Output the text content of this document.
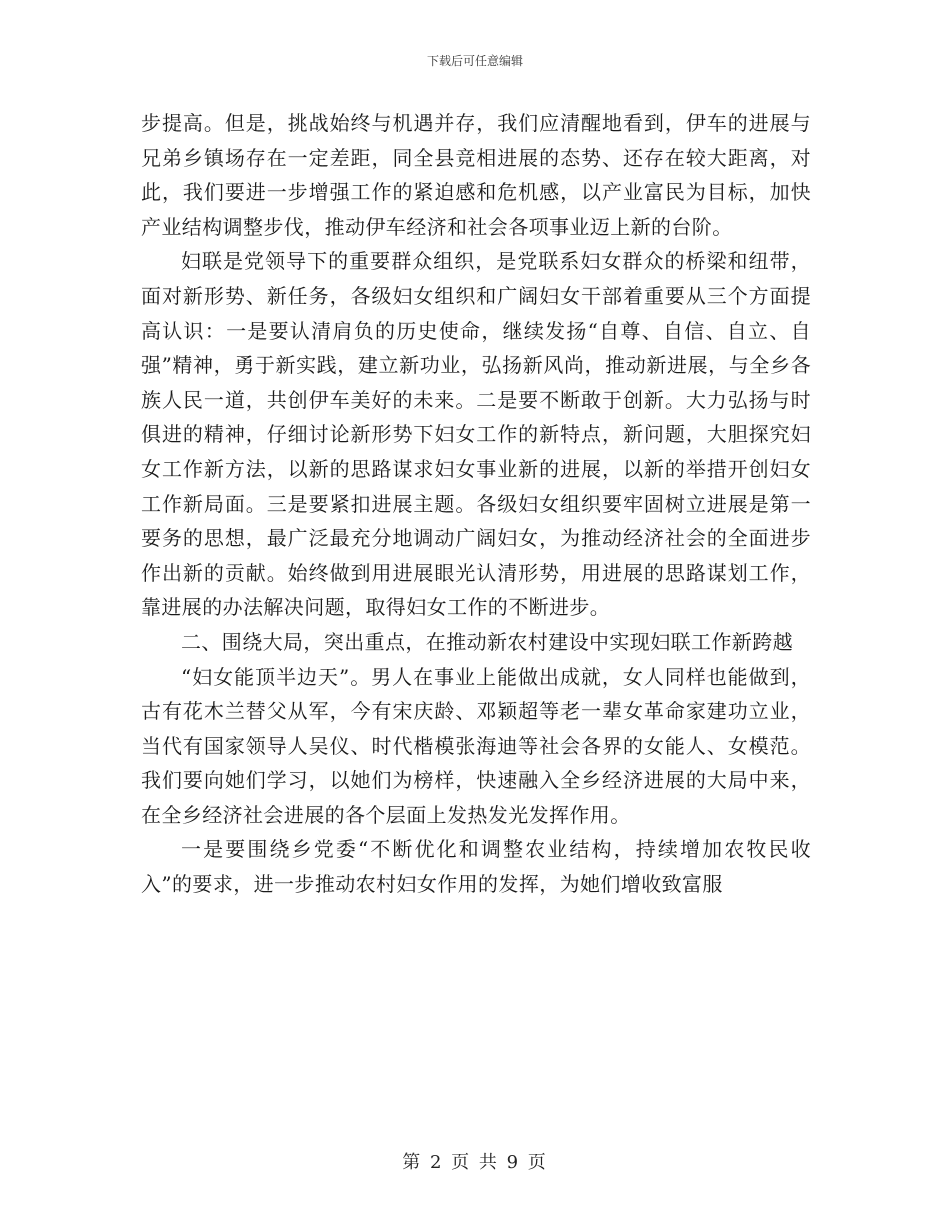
下载后可任意编辑

步提高。但是，挑战始终与机遇并存，我们应清醒地看到，伊车的进展与兄弟乡镇场存在一定差距，同全县竞相进展的态势、还存在较大距离，对此，我们要进一步增强工作的紧迫感和危机感，以产业富民为目标，加快产业结构调整步伐，推动伊车经济和社会各项事业迈上新的台阶。

妇联是党领导下的重要群众组织，是党联系妇女群众的桥梁和纽带，面对新形势、新任务，各级妇女组织和广阔妇女干部着重要从三个方面提高认识：一是要认清肩负的历史使命，继续发扬“自尊、自信、自立、自强”精神，勇于新实践，建立新功业，弘扬新风尚，推动新进展，与全乡各族人民一道，共创伊车美好的未来。二是要不断敢于创新。大力弘扬与时俱进的精神，仔细讨论新形势下妇女工作的新特点，新问题，大胆探究妇女工作新方法，以新的思路谋求妇女事业新的进展，以新的举措开创妇女工作新局面。三是要紧扣进展主题。各级妇女组织要牢固树立进展是第一要务的思想，最广泛最充分地调动广阔妇女，为推动经济社会的全面进步作出新的贡献。始终做到用进展眼光认清形势，用进展的思路谋划工作，靠进展的办法解决问题，取得妇女工作的不断进步。

二、围绕大局，突出重点，在推动新农村建设中实现妇联工作新跨越

“妇女能顶半边天”。男人在事业上能做出成就，女人同样也能做到，古有花木兰替父从军，今有宋庆龄、邓颖超等老一辈女革命家建功立业，当代有国家领导人吴仪、时代楷模张海迪等社会各界的女能人、女模范。我们要向她们学习，以她们为榜样，快速融入全乡经济进展的大局中来，在全乡经济社会进展的各个层面上发热发光发挥作用。

一是要围绕乡党委“不断优化和调整农业结构，持续增加农牧民收入”的要求，进一步推动农村妇女作用的发挥，为她们增收致富服

第 2 页 共 9 页
